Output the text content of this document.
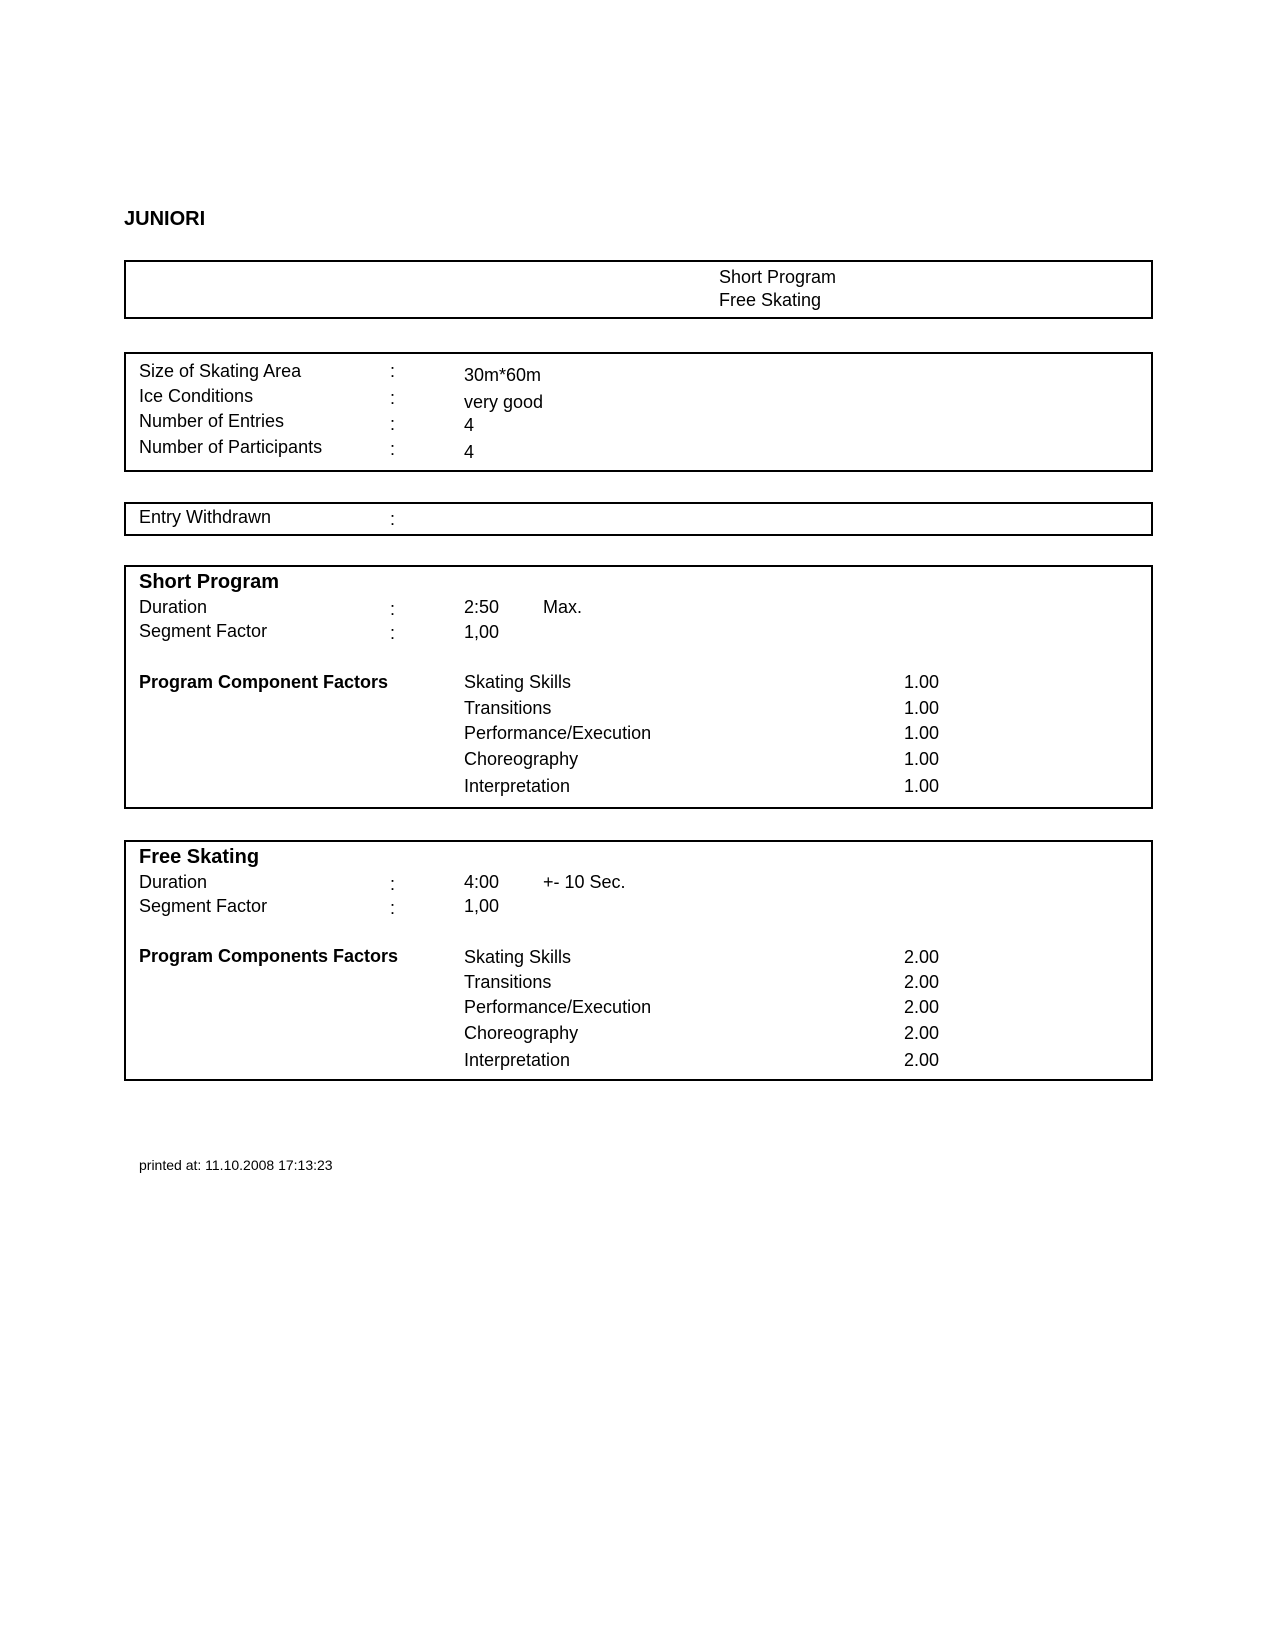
JUNIORI
Short Program
Free Skating
Size of Skating Area	:	30m*60m
Ice Conditions	:	very good
Number of Entries	:	4
Number of Participants	:	4
Entry Withdrawn	:
Short Program
Duration	:	2:50 Max.
Segment Factor	:	1,00
Program Component Factors	Skating Skills	1.00
Transitions	1.00
Performance/Execution	1.00
Choreography	1.00
Interpretation	1.00
Free Skating
Duration	:	4:00 +- 10 Sec.
Segment Factor	:	1,00
Program Components Factors	Skating Skills	2.00
Transitions	2.00
Performance/Execution	2.00
Choreography	2.00
Interpretation	2.00
printed at: 11.10.2008 17:13:23
